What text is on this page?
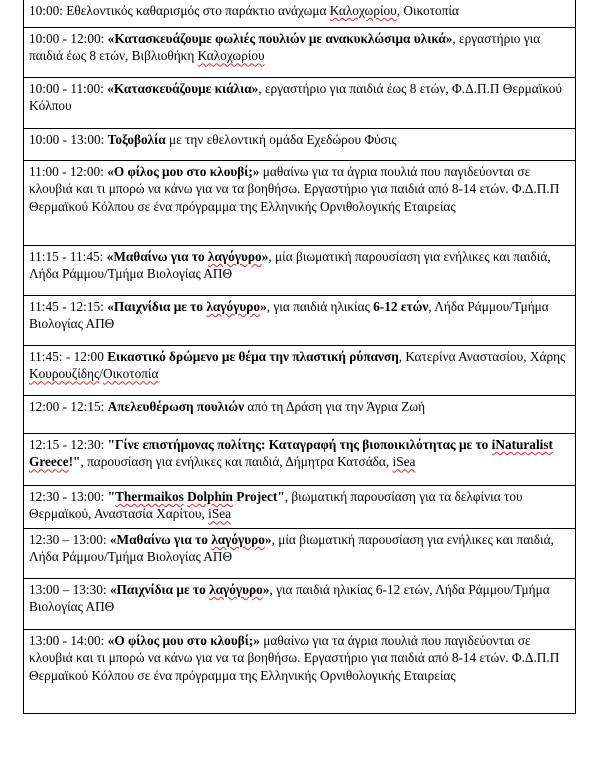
10:00: Εθελοντικός καθαρισμός στο παράκτιο ανάχωμα Καλοχωρίου, Οικοτοπία
10:00 - 12:00: «Κατασκευάζουμε φωλιές πουλιών με ανακυκλώσιμα υλικά», εργαστήριο για παιδιά έως 8 ετών, Βιβλιοθήκη Καλοχωρίου
10:00 - 11:00: «Κατασκευάζουμε κιάλια», εργαστήριο για παιδιά έως 8 ετών, Φ.Δ.Π.Π Θερμαϊκού Κόλπου
10:00 - 13:00: Τοξοβολία με την εθελοντική ομάδα Εχεδώρου Φύσις
11:00 - 12:00: «Ο φίλος μου στο κλουβί;» μαθαίνω για τα άγρια πουλιά που παγιδεύονται σε κλουβιά και τι μπορώ να κάνω για να τα βοηθήσω. Εργαστήριο για παιδιά από 8-14 ετών. Φ.Δ.Π.Π Θερμαϊκού Κόλπου σε ένα πρόγραμμα της Ελληνικής Ορνιθολογικής Εταιρείας
11:15 - 11:45: «Μαθαίνω για το λαγόγυρο», μία βιωματική παρουσίαση για ενήλικες και παιδιά, Λήδα Ράμμου/Τμήμα Βιολογίας ΑΠΘ
11:45 - 12:15: «Παιχνίδια με το λαγόγυρο», για παιδιά ηλικίας 6-12 ετών, Λήδα Ράμμου/Τμήμα Βιολογίας ΑΠΘ
11:45: - 12:00 Εικαστικό δρώμενο με θέμα την πλαστική ρύπανση, Κατερίνα Αναστασίου, Χάρης Κουρουζίδης/Οικοτοπία
12:00 - 12:15: Απελευθέρωση πουλιών από τη Δράση για την Άγρια Ζωή
12:15 - 12:30: "Γίνε επιστήμονας πολίτης: Καταγραφή της βιοποικιλότητας με το iNaturalist Greece!", παρουσίαση για ενήλικες και παιδιά, Δήμητρα Κατσάδα, iSea
12:30 - 13:00: "Thermaikos Dolphin Project", βιωματική παρουσίαση για τα δελφίνια του Θερμαϊκού, Αναστασία Χαρίτου, iSea
12:30 – 13:00: «Μαθαίνω για το λαγόγυρο», μία βιωματική παρουσίαση για ενήλικες και παιδιά, Λήδα Ράμμου/Τμήμα Βιολογίας ΑΠΘ
13:00 – 13:30: «Παιχνίδια με το λαγόγυρο», για παιδιά ηλικίας 6-12 ετών, Λήδα Ράμμου/Τμήμα Βιολογίας ΑΠΘ
13:00 - 14:00: «Ο φίλος μου στο κλουβί;» μαθαίνω για τα άγρια πουλιά που παγιδεύονται σε κλουβιά και τι μπορώ να κάνω για να τα βοηθήσω. Εργαστήριο για παιδιά από 8-14 ετών. Φ.Δ.Π.Π Θερμαϊκού Κόλπου σε ένα πρόγραμμα της Ελληνικής Ορνιθολογικής Εταιρείας
